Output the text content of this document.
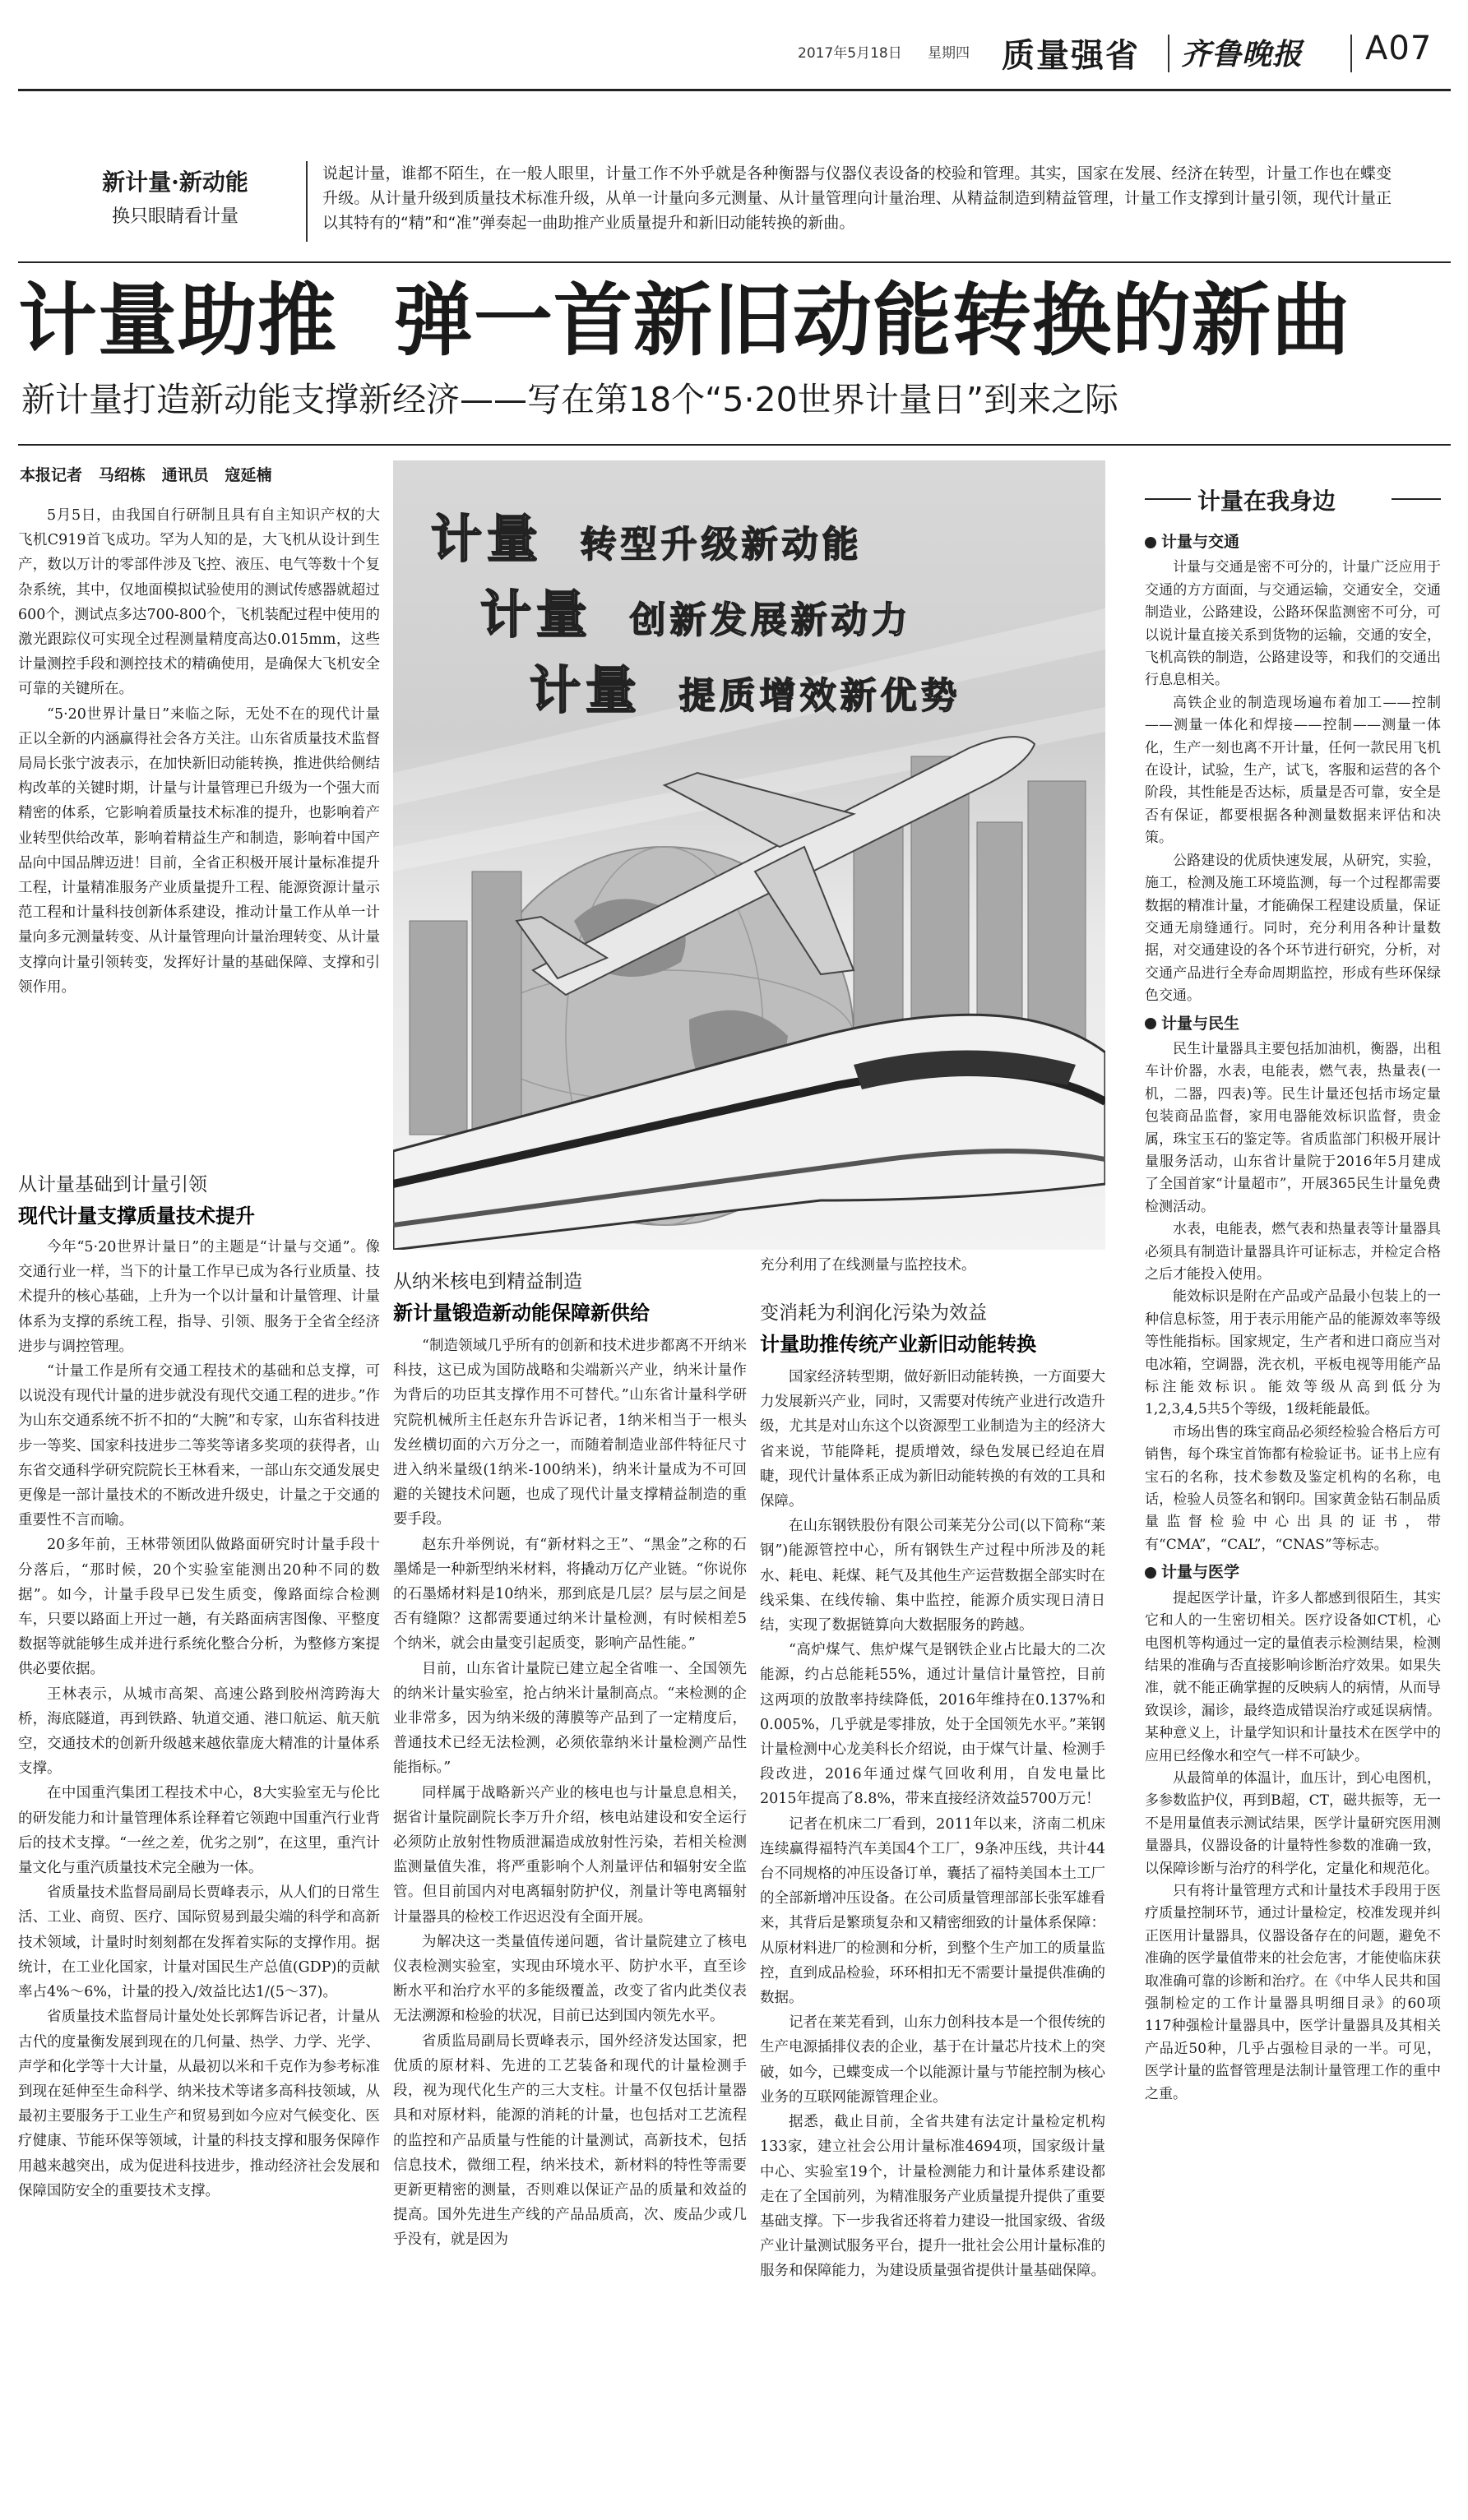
2017年5月18日 星期四 质量强省 齐鲁晚报 A07
新计量·新动能
换只眼睛看计量
说起计量，谁都不陌生，在一般人眼里，计量工作不外乎就是各种衡器与仪器仪表设备的校验和管理。其实，国家在发展、经济在转型，计量工作也在蝶变升级。从计量升级到质量技术标准升级，从单一计量向多元测量、从计量管理向计量治理、从精益制造到精益管理，计量工作支撑到计量引领，现代计量正以其特有的“精”和“准”弹奏起一曲助推产业质量提升和新旧动能转换的新曲。
计量助推  弹一首新旧动能转换的新曲
新计量打造新动能支撑新经济——写在第18个“5·20世界计量日”到来之际
本报记者   马绍栋   通讯员   寇延楠
计量 转型升级新动能
计量 创新发展新动力
计量 提质增效新优势

5月5日，由我国自行研制且具有自主知识产权的大飞机C919首飞成功。罕为人知的是，大飞机从设计到生产，数以万计的零部件涉及飞控、液压、电气等数十个复杂系统，其中，仅地面模拟试验使用的测试传感器就超过600个，测试点多达700-800个，飞机装配过程中使用的激光跟踪仪可实现全过程测量精度高达0.015mm，这些计量测控手段和测控技术的精确使用，是确保大飞机安全可靠的关键所在。

“5·20世界计量日”来临之际，无处不在的现代计量正以全新的内涵赢得社会各方关注。山东省质量技术监督局局长张宁波表示，在加快新旧动能转换，推进供给侧结构改革的关键时期，计量与计量管理已升级为一个强大而精密的体系，它影响着质量技术标准的提升，也影响着产业转型供给改革，影响着精益生产和制造，影响着中国产品向中国品牌迈进！目前，全省正积极开展计量标准提升工程，计量精准服务产业质量提升工程、能源资源计量示范工程和计量科技创新体系建设，推动计量工作从单一计量向多元测量转变、从计量管理向计量治理转变、从计量支撑向计量引领转变，发挥好计量的基础保障、支撑和引领作用。

从计量基础到计量引领
现代计量支撑质量技术提升

今年“5·20世界计量日”的主题是“计量与交通”。像交通行业一样，当下的计量工作早已成为各行业质量、技术提升的核心基础，上升为一个以计量和计量管理、计量体系为支撑的系统工程，指导、引领、服务于全省全经济进步与调控管理。

“计量工作是所有交通工程技术的基础和总支撑，可以说没有现代计量的进步就没有现代交通工程的进步。”作为山东交通系统不折不扣的“大腕”和专家，山东省科技进步一等奖、国家科技进步二等奖等诸多奖项的获得者，山东省交通科学研究院院长王林看来，一部山东交通发展史更像是一部计量技术的不断改进升级史，计量之于交通的重要性不言而喻。

20多年前，王林带领团队做路面研究时计量手段十分落后，“那时候，20个实验室能测出20种不同的数据”。如今，计量手段早已发生质变，像路面综合检测车，只要以路面上开过一趟，有关路面病害图像、平整度数据等就能够生成并进行系统化整合分析，为整修方案提供必要依据。

王林表示，从城市高架、高速公路到胶州湾跨海大桥，海底隧道，再到铁路、轨道交通、港口航运、航天航空，交通技术的创新升级越来越依靠庞大精准的计量体系支撑。

在中国重汽集团工程技术中心，8大实验室无与伦比的研发能力和计量管理体系诠释着它领跑中国重汽行业背后的技术支撑。“一丝之差，优劣之别”，在这里，重汽计量文化与重汽质量技术完全融为一体。

省质量技术监督局副局长贾峰表示，从人们的日常生活、工业、商贸、医疗、国际贸易到最尖端的科学和高新技术领域，计量时时刻刻都在发挥着实际的支撑作用。据统计，在工业化国家，计量对国民生产总值(GDP)的贡献率占4%～6%，计量的投入/效益比达1/(5～37)。

省质量技术监督局计量处处长郭辉告诉记者，计量从古代的度量衡发展到现在的几何量、热学、力学、光学、声学和化学等十大计量，从最初以米和千克作为参考标准到现在延伸至生命科学、纳米技术等诸多高科技领域，从最初主要服务于工业生产和贸易到如今应对气候变化、医疗健康、节能环保等领域，计量的科技支撑和服务保障作用越来越突出，成为促进科技进步，推动经济社会发展和保障国防安全的重要技术支撑。

从纳米核电到精益制造
新计量锻造新动能保障新供给

“制造领域几乎所有的创新和技术进步都离不开纳米科技，这已成为国防战略和尖端新兴产业，纳米计量作为背后的功臣其支撑作用不可替代。”山东省计量科学研究院机械所主任赵东升告诉记者，1纳米相当于一根头发丝横切面的六万分之一，而随着制造业部件特征尺寸进入纳米量级(1纳米-100纳米)，纳米计量成为不可回避的关键技术问题，也成了现代计量支撑精益制造的重要手段。

赵东升举例说，有“新材料之王”、“黑金”之称的石墨烯是一种新型纳米材料，将撬动万亿产业链。“你说你的石墨烯材料是10纳米，那到底是几层？层与层之间是否有缝隙？这都需要通过纳米计量检测，有时候相差5个纳米，就会由量变引起质变，影响产品性能。”

目前，山东省计量院已建立起全省唯一、全国领先的纳米计量实验室，抢占纳米计量制高点。“来检测的企业非常多，因为纳米级的薄膜等产品到了一定精度后，普通技术已经无法检测，必须依靠纳米计量检测产品性能指标。”

同样属于战略新兴产业的核电也与计量息息相关，据省计量院副院长李万升介绍，核电站建设和安全运行必须防止放射性物质泄漏造成放射性污染，若相关检测监测量值失准，将严重影响个人剂量评估和辐射安全监管。但目前国内对电离辐射防护仪，剂量计等电离辐射计量器具的检校工作迟迟没有全面开展。

为解决这一类量值传递问题，省计量院建立了核电仪表检测实验室，实现由环境水平、防护水平，直至诊断水平和治疗水平的多能级覆盖，改变了省内此类仪表无法溯源和检验的状况，目前已达到国内领先水平。

省质监局副局长贾峰表示，国外经济发达国家，把优质的原材料、先进的工艺装备和现代的计量检测手段，视为现代化生产的三大支柱。计量不仅包括计量器具和对原材料，能源的消耗的计量，也包括对工艺流程的监控和产品质量与性能的计量测试，高新技术，包括信息技术，微细工程，纳米技术，新材料的特性等需要更新更精密的测量，否则难以保证产品的质量和效益的提高。国外先进生产线的产品品质高，次、废品少或几乎没有，就是因为

充分利用了在线测量与监控技术。

变消耗为利润化污染为效益
计量助推传统产业新旧动能转换

国家经济转型期，做好新旧动能转换，一方面要大力发展新兴产业，同时，又需要对传统产业进行改造升级，尤其是对山东这个以资源型工业制造为主的经济大省来说，节能降耗，提质增效，绿色发展已经迫在眉睫，现代计量体系正成为新旧动能转换的有效的工具和保障。

在山东钢铁股份有限公司莱芜分公司(以下简称“莱钢”)能源管控中心，所有钢铁生产过程中所涉及的耗水、耗电、耗煤、耗气及其他生产运营数据全部实时在线采集、在线传输、集中监控，能源介质实现日清日结，实现了数据链算向大数据服务的跨越。

“高炉煤气、焦炉煤气是钢铁企业占比最大的二次能源，约占总能耗55%，通过计量信计量管控，目前这两项的放散率持续降低，2016年维持在0.137%和0.005%，几乎就是零排放，处于全国领先水平。”莱钢计量检测中心龙美科长介绍说，由于煤气计量、检测手段改进，2016年通过煤气回收利用，自发电量比2015年提高了8.8%，带来直接经济效益5700万元！

记者在机床二厂看到，2011年以来，济南二机床连续赢得福特汽车美国4个工厂，9条冲压线，共计44台不同规格的冲压设备订单，囊括了福特美国本土工厂的全部新增冲压设备。在公司质量管理部部长张军雄看来，其背后是繁琐复杂和又精密细致的计量体系保障：从原材料进厂的检测和分析，到整个生产加工的质量监控，直到成品检验，环环相扣无不需要计量提供准确的数据。

记者在莱芜看到，山东力创科技本是一个很传统的生产电源插排仪表的企业，基于在计量芯片技术上的突破，如今，已蝶变成一个以能源计量与节能控制为核心业务的互联网能源管理企业。

据悉，截止目前，全省共建有法定计量检定机构133家，建立社会公用计量标准4694项，国家级计量中心、实验室19个，计量检测能力和计量体系建设都走在了全国前列，为精准服务产业质量提升提供了重要基础支撑。下一步我省还将着力建设一批国家级、省级产业计量测试服务平台，提升一批社会公用计量标准的服务和保障能力，为建设质量强省提供计量基础保障。

计量在我身边
计量与交通

计量与交通是密不可分的，计量广泛应用于交通的方方面面，与交通运输，交通安全，交通制造业，公路建设，公路环保监测密不可分，可以说计量直接关系到货物的运输，交通的安全，飞机高铁的制造，公路建设等，和我们的交通出行息息相关。

高铁企业的制造现场遍布着加工——控制——测量一体化和焊接——控制——测量一体化，生产一刻也离不开计量，任何一款民用飞机在设计，试验，生产，试飞，客服和运营的各个阶段，其性能是否达标，质量是否可靠，安全是否有保证，都要根据各种测量数据来评估和决策。

公路建设的优质快速发展，从研究，实验，施工，检测及施工环境监测，每一个过程都需要数据的精准计量，才能确保工程建设质量，保证交通无扇缝通行。同时，充分利用各种计量数据，对交通建设的各个环节进行研究，分析，对交通产品进行全寿命周期监控，形成有些环保绿色交通。

计量与民生

民生计量器具主要包括加油机，衡器，出租车计价器，水表，电能表，燃气表，热量表(一机，二器，四表)等。民生计量还包括市场定量包装商品监督，家用电器能效标识监督，贵金属，珠宝玉石的鉴定等。省质监部门积极开展计量服务活动，山东省计量院于2016年5月建成了全国首家“计量超市”，开展365民生计量免费检测活动。

水表，电能表，燃气表和热量表等计量器具必须具有制造计量器具许可证标志，并检定合格之后才能投入使用。

能效标识是附在产品或产品最小包装上的一种信息标签，用于表示用能产品的能源效率等级等性能指标。国家规定，生产者和进口商应当对电冰箱，空调器，洗衣机，平板电视等用能产品标注能效标识。能效等级从高到低分为1,2,3,4,5共5个等级，1级耗能最低。

市场出售的珠宝商品必须经检验合格后方可销售，每个珠宝首饰都有检验证书。证书上应有宝石的名称，技术参数及鉴定机构的名称，电话，检验人员签名和钢印。国家黄金钻石制品质量监督检验中心出具的证书，带有“CMA”，“CAL”，“CNAS”等标志。

计量与医学

提起医学计量，许多人都感到很陌生，其实它和人的一生密切相关。医疗设备如CT机，心电图机等构通过一定的量值表示检测结果，检测结果的准确与否直接影响诊断治疗效果。如果失准，就不能正确掌握的反映病人的病情，从而导致误诊，漏诊，最终造成错误治疗或延误病情。某种意义上，计量学知识和计量技术在医学中的应用已经像水和空气一样不可缺少。

从最简单的体温计，血压计，到心电图机，多参数监护仪，再到B超，CT，磁共振等，无一不是用量值表示测试结果，医学计量研究医用测量器具，仪器设备的计量特性参数的准确一致，以保障诊断与治疗的科学化，定量化和规范化。

只有将计量管理方式和计量技术手段用于医疗质量控制环节，通过计量检定，校准发现并纠正医用计量器具，仪器设备存在的问题，避免不准确的医学量值带来的社会危害，才能使临床获取准确可靠的诊断和治疗。在《中华人民共和国强制检定的工作计量器具明细目录》的60项117种强检计量器具中，医学计量器具及其相关产品近50种，几乎占强检目录的一半。可见，医学计量的监督管理是法制计量管理工作的重中之重。
